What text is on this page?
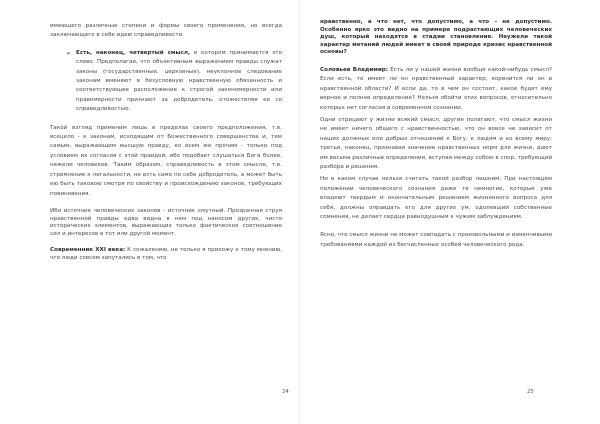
имеющего различные степени и формы своего применения, но всегда заключающего в себе идею справедливости.

➢ Есть, наконец, четвертый смысл, в котором принимается это слово. Предполагая, что объективным выражением правды служат законы (государственные, церковные), неуклонное следование законам вменяют в безусловную нравственную обязанность и соответствующее расположение к строгой закономерности или правомерности признают за добродетель, отожествляя ее со справедливостью.

Такой взгляд применим лишь в пределах своего предположения, т.е. всецело - к законам, исходящим от Божественного совершенства и, тем самым, выражающим высшую правду, ко всем же прочим - только под условием их согласия с этой правдой; ибо подобает слушаться Бога более, нежели человеков. Таким образом, справедливость в этом смысле, т.е. стремление к легальности, не есть само по себе добродетель, а может быть ею быть таковою смотря по свойству и происхождению законов, требующих повиновения.

Ибо источник человеческих законов - источник смутный. Прозрачная струя нравственной правды едва видна в нем под наносом других, чисто исторических элементов, выражающих только фактическое соотношение сил и интересов в тот или другой момент.

Современник XXI века: К сожалению, не только я прихожу к тому мнению, что люди совсем запутались в том, что

24

нравственно, а что нет, что допустимо, а что – не допустимо. Особенно ярко это видно на примере подрастающих человеческих душ, который находятся в стадии становления. Неужели такой характер метаний людей имеет в своей природе кризис нравственной основы?

Соловьев Владимир: Есть ли у нашей жизни вообще какой-нибудь смысл? Если есть, то имеет ли он нравственный характер, коренится ли он в нравственной области? И если да, то в чем он состоит, какое будет ему верное и полное определение? Нельзя обойти этих вопросов, относительно которых нет согласия в современном сознании.

Одни отрицают у жизни всякий смысл, другие полагают, что смысл жизни не имеет ничего общего с нравственностью, что он вовсе не зависит от наших должных или добрых отношений к Богу, к людям и ко всему миру; третьи, наконец, признавая значение нравственных норм для жизни, дают им весьма различные определения, вступая между собою в спор, требующий разбора и решения.

Ни в каком случае нельзя считать такой разбор лишним. При настоящем положении человеческого сознания даже те немногие, которые уже владеют твердым и окончательным решением жизненного вопроса для себя, должны оправдать его для других ум, одолевший собственные сомнения, не делает сердце равнодушным к чужим заблуждениям.

Ясно, что смысл жизни не может совпадать с произвольными и изменчивыми требованиями каждой из бесчисленных особей человеческого рода.

25
